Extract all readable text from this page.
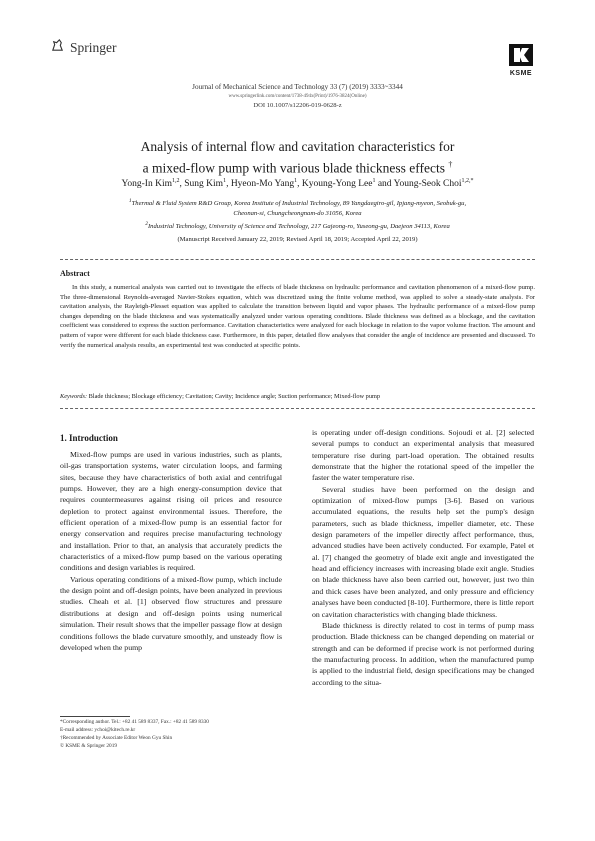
Springer
KSME
Journal of Mechanical Science and Technology 33 (7) (2019) 3333~3344
www.springerlink.com/content/1738-494x(Print)/1976-3824(Online)
DOI 10.1007/s12206-019-0628-z
Analysis of internal flow and cavitation characteristics for
a mixed-flow pump with various blade thickness effects †
Yong-In Kim$^{1,2}$, Sung Kim$^1$, Hyeon-Mo Yang$^1$, Kyoung-Yong Lee$^1$ and Young-Seok Choi$^{1,2,*}$
$^1$Thermal & Fluid System R&D Group, Korea Institute of Industrial Technology, 89 Yangdaegiro-gil, Ipjang-myeon, Seobuk-gu,
Cheonan-si, Chungcheongnam-do 31056, Korea
$^2$Industrial Technology, University of Science and Technology, 217 Gajeong-ro, Yuseong-gu, Daejeon 34113, Korea
(Manuscript Received January 22, 2019; Revised April 18, 2019; Accepted April 22, 2019)
Abstract
In this study, a numerical analysis was carried out to investigate the effects of blade thickness on hydraulic performance and cavitation phenomenon of a mixed-flow pump. The three-dimensional Reynolds-averaged Navier-Stokes equation, which was discretized using the finite volume method, was applied to solve a steady-state analysis. For cavitation analysis, the Rayleigh-Plesset equation was applied to calculate the transition between liquid and vapor phases. The hydraulic performance of a mixed-flow pump changes depending on the blade thickness and was systematically analyzed under various operating conditions. Blade thickness was defined as a blockage, and the cavitation coefficient was considered to express the suction performance. Cavitation characteristics were analyzed for each blockage in relation to the vapor volume fraction. The amount and pattern of vapor were different for each blade thickness case. Furthermore, in this paper, detailed flow analyses that consider the angle of incidence are presented and discussed. To verify the numerical analysis results, an experimental test was conducted at specific points.
Keywords: Blade thickness; Blockage efficiency; Cavitation; Cavity; Incidence angle; Suction performance; Mixed-flow pump
1. Introduction

Mixed-flow pumps are used in various industries, such as plants, oil-gas transportation systems, water circulation loops, and farming sites, because they have characteristics of both axial and centrifugal pumps. However, they are a high energy-consumption device that requires countermeasures against rising oil prices and resource depletion to protect against environmental issues. Therefore, the efficient operation of a mixed-flow pump is an essential factor for energy conservation and requires precise manufacturing technology and installation. Prior to that, an analysis that accurately predicts the characteristics of a mixed-flow pump based on the various operating conditions and design variables is required.

Various operating conditions of a mixed-flow pump, which include the design point and off-design points, have been analyzed in previous studies. Cheah et al. [1] observed flow structures and pressure distributions at design and off-design points using numerical simulation. Their result shows that the impeller passage flow at design conditions follows the blade curvature smoothly, and unsteady flow is developed when the pump

is operating under off-design conditions. Sojoudi et al. [2] selected several pumps to conduct an experimental analysis that measured temperature rise during part-load operation. The obtained results demonstrate that the higher the rotational speed of the impeller the faster the water temperature rise.

Several studies have been performed on the design and optimization of mixed-flow pumps [3-6]. Based on various accumulated equations, the results help set the pump's design parameters, such as blade thickness, impeller diameter, etc. These design parameters of the impeller directly affect performance, thus, advanced studies have been actively conducted. For example, Patel et al. [7] changed the geometry of blade exit angle and investigated the head and efficiency increases with increasing blade exit angle. Studies on blade thickness have also been carried out, however, just two thin and thick cases have been analyzed, and only pressure and efficiency analyses have been conducted [8-10]. Furthermore, there is little report on cavitation characteristics with changing blade thickness.

Blade thickness is directly related to cost in terms of pump mass production. Blade thickness can be changed depending on material or strength and can be deformed if precise work is not performed during the manufacturing process. In addition, when the manufactured pump is applied to the industrial field, design specifications may be changed according to the situa-

*Corresponding author. Tel.: +82 41 589 8337, Fax.: +82 41 589 8330
E-mail address: ychoi@kitech.re.kr
†Recommended by Associate Editor Weon Gyu Shin
© KSME & Springer 2019
